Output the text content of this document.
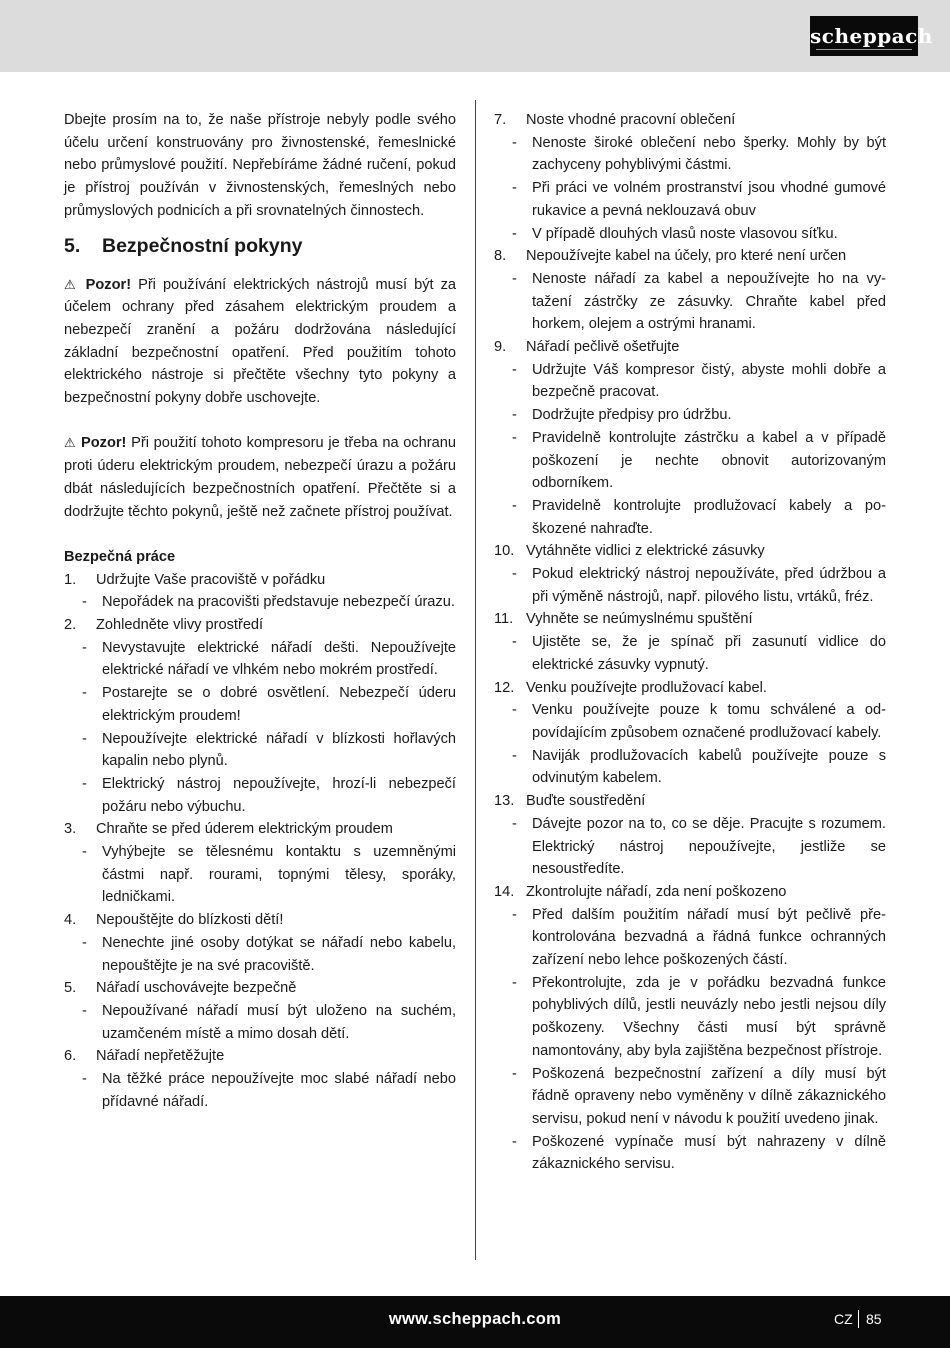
scheppach

Dbejte prosím na to, že naše přístroje nebyly podle svého účelu určení konstruovány pro živnostenské, řemeslnické nebo průmyslové použití. Nepřebíráme žádné ručení, pokud je přístroj používán v živnostenských, řemeslných nebo průmyslových podnicích a při srovnatelných činnostech.

5.	Bezpečnostní pokyny

⚠ Pozor! Při používání elektrických nástrojů musí být za účelem ochrany před zásahem elektrickým proudem a nebezpečí zranění a požáru dodržována následující základní bezpečnostní opatření. Před použitím tohoto elektrického nástroje si přečtěte všechny tyto pokyny a bezpečnostní pokyny dobře uschovejte.

⚠ Pozor! Při použití tohoto kompresoru je třeba na ochranu proti úderu elektrickým proudem, nebezpečí úrazu a požáru dbát následujících bezpečnostních opatření. Přečtěte si a dodržujte těchto pokynů, ještě než začnete přístroj používat.

Bezpečná práce

1.	Udržujte Vaše pracoviště v pořádku
-	Nepořádek na pracovišti představuje nebezpečí úrazu.
2.	Zohledněte vlivy prostředí
-	Nevystavujte elektrické nářadí dešti. Nepoužívejte elektrické nářadí ve vlhkém nebo mokrém prostředí.
-	Postarejte se o dobré osvětlení. Nebezpečí úderu elektrickým proudem!
-	Nepoužívejte elektrické nářadí v blízkosti hořlavých kapalin nebo plynů.
-	Elektrický nástroj nepoužívejte, hrozí-li nebezpečí požáru nebo výbuchu.
3.	Chraňte se před úderem elektrickým proudem
-	Vyhýbejte se tělesnému kontaktu s uzemněnými částmi např. rourami, topnými tělesy, sporáky, ledničkami.
4.	Nepouštějte do blízkosti dětí!
-	Nenechte jiné osoby dotýkat se nářadí nebo kabelu, nepouštějte je na své pracoviště.
5.	Nářadí uschovávejte bezpečně
-	Nepoužívané nářadí musí být uloženo na suchém, uzamčeném místě a mimo dosah dětí.
6.	Nářadí nepřetěžujte
-	Na těžké práce nepoužívejte moc slabé nářadí nebo přídavné nářadí.
7.	Noste vhodné pracovní oblečení
-	Nenoste široké oblečení nebo šperky. Mohly by být zachyceny pohyblivými částmi.
-	Při práci ve volném prostranství jsou vhodné gumové rukavice a pevná neklouzavá obuv
-	V případě dlouhých vlasů noste vlasovou síťku.
8.	Nepoužívejte kabel na účely, pro které není určen
-	Nenoste nářadí za kabel a nepoužívejte ho na vytažení zástrčky ze zásuvky. Chraňte kabel před horkem, olejem a ostrými hranami.
9.	Nářadí pečlivě ošetřujte
-	Udržujte Váš kompresor čistý, abyste mohli dobře a bezpečně pracovat.
-	Dodržujte předpisy pro údržbu.
-	Pravidelně kontrolujte zástrčku a kabel a v případě poškození je nechte obnovit autorizovaným odborníkem.
-	Pravidelně kontrolujte prodlužovací kabely a poškozené nahraďte.
10. Vytáhněte vidlici z elektrické zásuvky
-	Pokud elektrický nástroj nepoužíváte, před údržbou a při výměně nástrojů, např. pilového listu, vrtáků, fréz.
11. Vyhněte se neúmyslnému spuštění
-	Ujistěte se, že je spínač při zasunutí vidlice do elektrické zásuvky vypnutý.
12. Venku používejte prodlužovací kabel.
-	Venku používejte pouze k tomu schválené a odpovídajícím způsobem označené prodlužovací kabely.
-	Naviják prodlužovacích kabelů používejte pouze s odvinutým kabelem.
13. Buďte soustředění
-	Dávejte pozor na to, co se děje. Pracujte s rozumem. Elektrický nástroj nepoužívejte, jestliže se nesoustředíte.
14. Zkontrolujte nářadí, zda není poškozeno
-	Před dalším použitím nářadí musí být pečlivě překontrolována bezvadná a řádná funkce ochranných zařízení nebo lehce poškozených částí.
-	Překontrolujte, zda je v pořádku bezvadná funkce pohyblivých dílů, jestli neuvázly nebo jestli nejsou díly poškozeny. Všechny části musí být správně namontovány, aby byla zajištěna bezpečnost přístroje.
-	Poškozená bezpečnostní zařízení a díly musí být řádně opraveny nebo vyměněny v dílně zákaznického servisu, pokud není v návodu k použití uvedeno jinak.
-	Poškozené vypínače musí být nahrazeny v dílně zákaznického servisu.
www.scheppach.com	CZ 85
